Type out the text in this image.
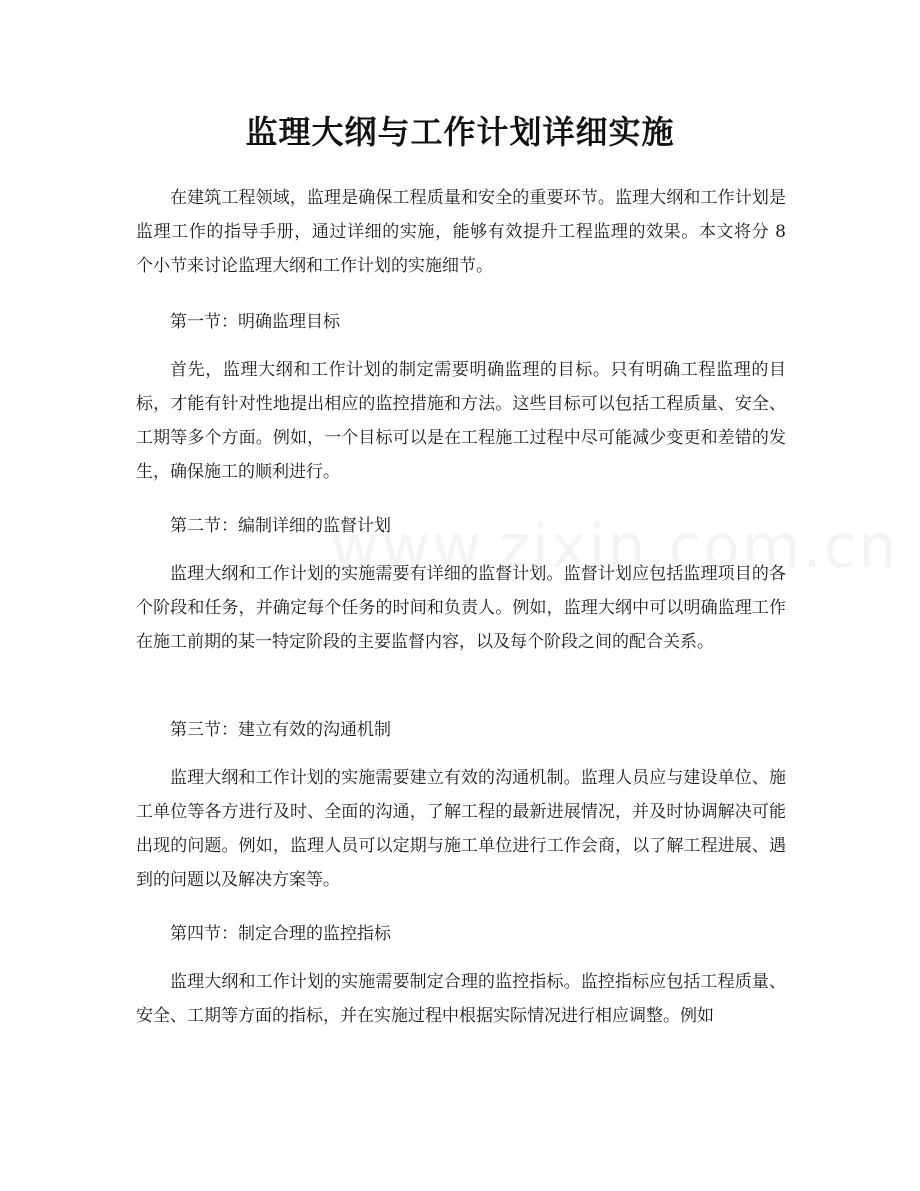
监理大纲与工作计划详细实施

在建筑工程领域，监理是确保工程质量和安全的重要环节。监理大纲和工作计划是监理工作的指导手册，通过详细的实施，能够有效提升工程监理的效果。本文将分 8 个小节来讨论监理大纲和工作计划的实施细节。

第一节：明确监理目标

首先，监理大纲和工作计划的制定需要明确监理的目标。只有明确工程监理的目标，才能有针对性地提出相应的监控措施和方法。这些目标可以包括工程质量、安全、工期等多个方面。例如，一个目标可以是在工程施工过程中尽可能减少变更和差错的发生，确保施工的顺利进行。

第二节：编制详细的监督计划

监理大纲和工作计划的实施需要有详细的监督计划。监督计划应包括监理项目的各个阶段和任务，并确定每个任务的时间和负责人。例如，监理大纲中可以明确监理工作在施工前期的某一特定阶段的主要监督内容，以及每个阶段之间的配合关系。

第三节：建立有效的沟通机制

监理大纲和工作计划的实施需要建立有效的沟通机制。监理人员应与建设单位、施工单位等各方进行及时、全面的沟通，了解工程的最新进展情况，并及时协调解决可能出现的问题。例如，监理人员可以定期与施工单位进行工作会商，以了解工程进展、遇到的问题以及解决方案等。

第四节：制定合理的监控指标

监理大纲和工作计划的实施需要制定合理的监控指标。监控指标应包括工程质量、安全、工期等方面的指标，并在实施过程中根据实际情况进行相应调整。例如
